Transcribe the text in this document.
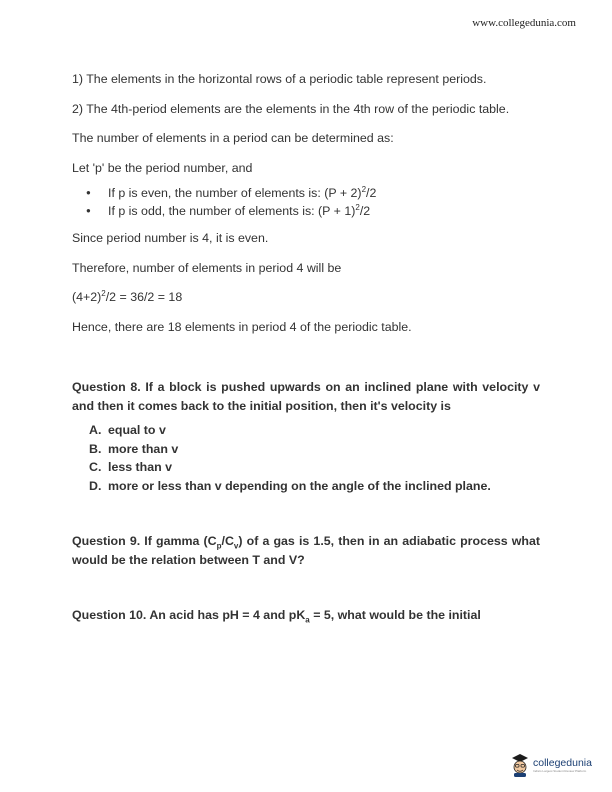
www.collegedunia.com

1) The elements in the horizontal rows of a periodic table represent periods.

2) The 4th-period elements are the elements in the 4th row of the periodic table.

The number of elements in a period can be determined as:

Let 'p' be the period number, and

● If p is even, the number of elements is: $(P + 2)^2/2$
● If p is odd, the number of elements is: $(P + 1)^2/2$

Since period number is 4, it is even.

Therefore, number of elements in period 4 will be

$(4+2)^2/2 = 36/2 = 18$

Hence, there are 18 elements in period 4 of the periodic table.

Question 8. If a block is pushed upwards on an inclined plane with velocity v and then it comes back to the initial position, then it's velocity is

A. equal to v
B. more than v
C. less than v
D. more or less than v depending on the angle of the inclined plane.

Question 9. If gamma $(C_p/C_v)$ of a gas is 1.5, then in an adiabatic process what would be the relation between T and V?

Question 10. An acid has pH = 4 and $pK_a = 5$, what would be the initial

collegedunia
India's Largest Student Review Platform
